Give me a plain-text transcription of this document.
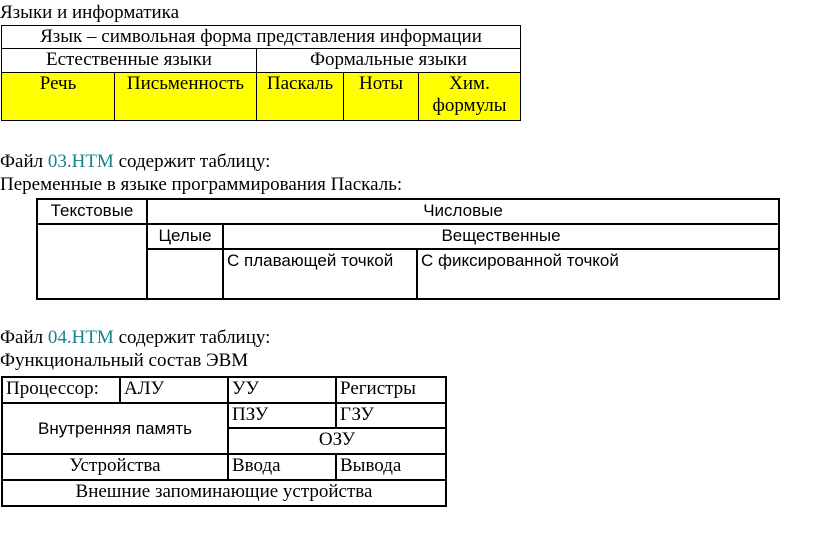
Языки и информатика
Язык – символьная форма представления информации				
Естественные языки		Формальные языки		
Речь	Письменность	Паскаль	Ноты	Хим. формулы
Файл 03.HTM содержит таблицу:
Переменные в языке программирования Паскаль:
Текстовые	Числовые		
	Целые	Вещественные	
		С плавающей точкой	С фиксированной точкой
Файл 04.HTM содержит таблицу:
Функциональный состав ЭВМ
Процессор:	АЛУ	УУ	Регистры
Внутренняя память		ПЗУ	ГЗУ
		ОЗУ	
Устройства		Ввода	Вывода
Внешние запоминающие устройства			
